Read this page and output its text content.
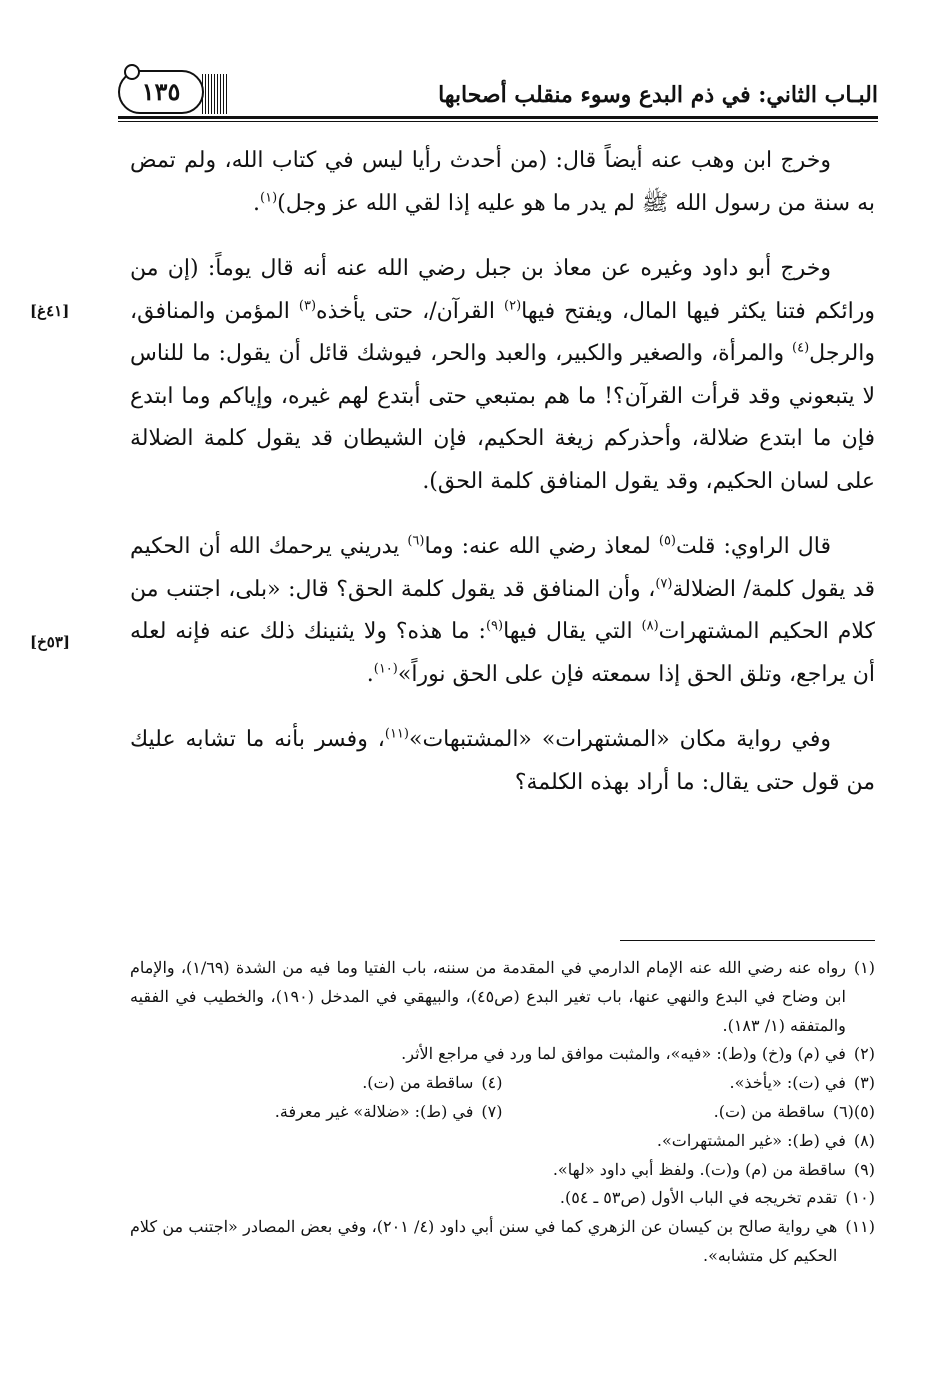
البـاب الثاني: في ذم البدع وسوء منقلب أصحابها
١٣٥
[٤١غ]
[٥٣خ]

وخرج ابن وهب عنه أيضاً قال: (من أحدث رأيا ليس في كتاب الله، ولم تمض به سنة من رسول الله ﷺ لم يدر ما هو عليه إذا لقي الله عز وجل)$^{(١)}$.

وخرج أبو داود وغيره عن معاذ بن جبل رضي الله عنه أنه قال يوماً: (إن من ورائكم فتنا يكثر فيها المال، ويفتح فيها$^{(٢)}$ القرآن/، حتى يأخذه$^{(٣)}$ المؤمن والمنافق، والرجل$^{(٤)}$ والمرأة، والصغير والكبير، والعبد والحر، فيوشك قائل أن يقول: ما للناس لا يتبعوني وقد قرأت القرآن؟! ما هم بمتبعي حتى أبتدع لهم غيره، وإياكم وما ابتدع فإن ما ابتدع ضلالة، وأحذركم زيغة الحكيم، فإن الشيطان قد يقول كلمة الضلالة على لسان الحكيم، وقد يقول المنافق كلمة الحق).

قال الراوي: قلت$^{(٥)}$ لمعاذ رضي الله عنه: وما$^{(٦)}$ يدريني يرحمك الله أن الحكيم قد يقول كلمة/ الضلالة$^{(٧)}$، وأن المنافق قد يقول كلمة الحق؟ قال: «بلى، اجتنب من كلام الحكيم المشتهرات$^{(٨)}$ التي يقال فيها$^{(٩)}$: ما هذه؟ ولا يثنينك ذلك عنه فإنه لعله أن يراجع، وتلق الحق إذا سمعته فإن على الحق نوراً»$^{(١٠)}$.

وفي رواية مكان «المشتهرات» «المشتبهات»$^{(١١)}$، وفسر بأنه ما تشابه عليك من قول حتى يقال: ما أراد بهذه الكلمة؟

(١)
رواه عنه رضي الله عنه الإمام الدارمي في المقدمة من سننه، باب الفتيا وما فيه من الشدة (١/٦٩)، والإمام ابن وضاح في البدع والنهي عنها، باب تغير البدع (ص٤٥)، والبيهقي في المدخل (١٩٠)، والخطيب في الفقيه والمتفقه (١/ ١٨٣).
(٢)
في (م) و(خ) و(ط): «فيه»، والمثبت موافق لما ورد في مراجع الأثر.
(٣)
في (ت): «يأخذ».
(٤)
ساقطة من (ت).
(٥)(٦)
ساقطة من (ت).
(٧)
في (ط): «ضلالة» غير معرفة.
(٨)
في (ط): «غير المشتهرات».
(٩)
ساقطة من (م) و(ت). ولفظ أبي داود «لها».
(١٠)
تقدم تخريجه في الباب الأول (ص٥٣ ـ ٥٤).
(١١)
هي رواية صالح بن كيسان عن الزهري كما في سنن أبي داود (٤/ ٢٠١)، وفي بعض المصادر «اجتنب من كلام الحكيم كل متشابه».
